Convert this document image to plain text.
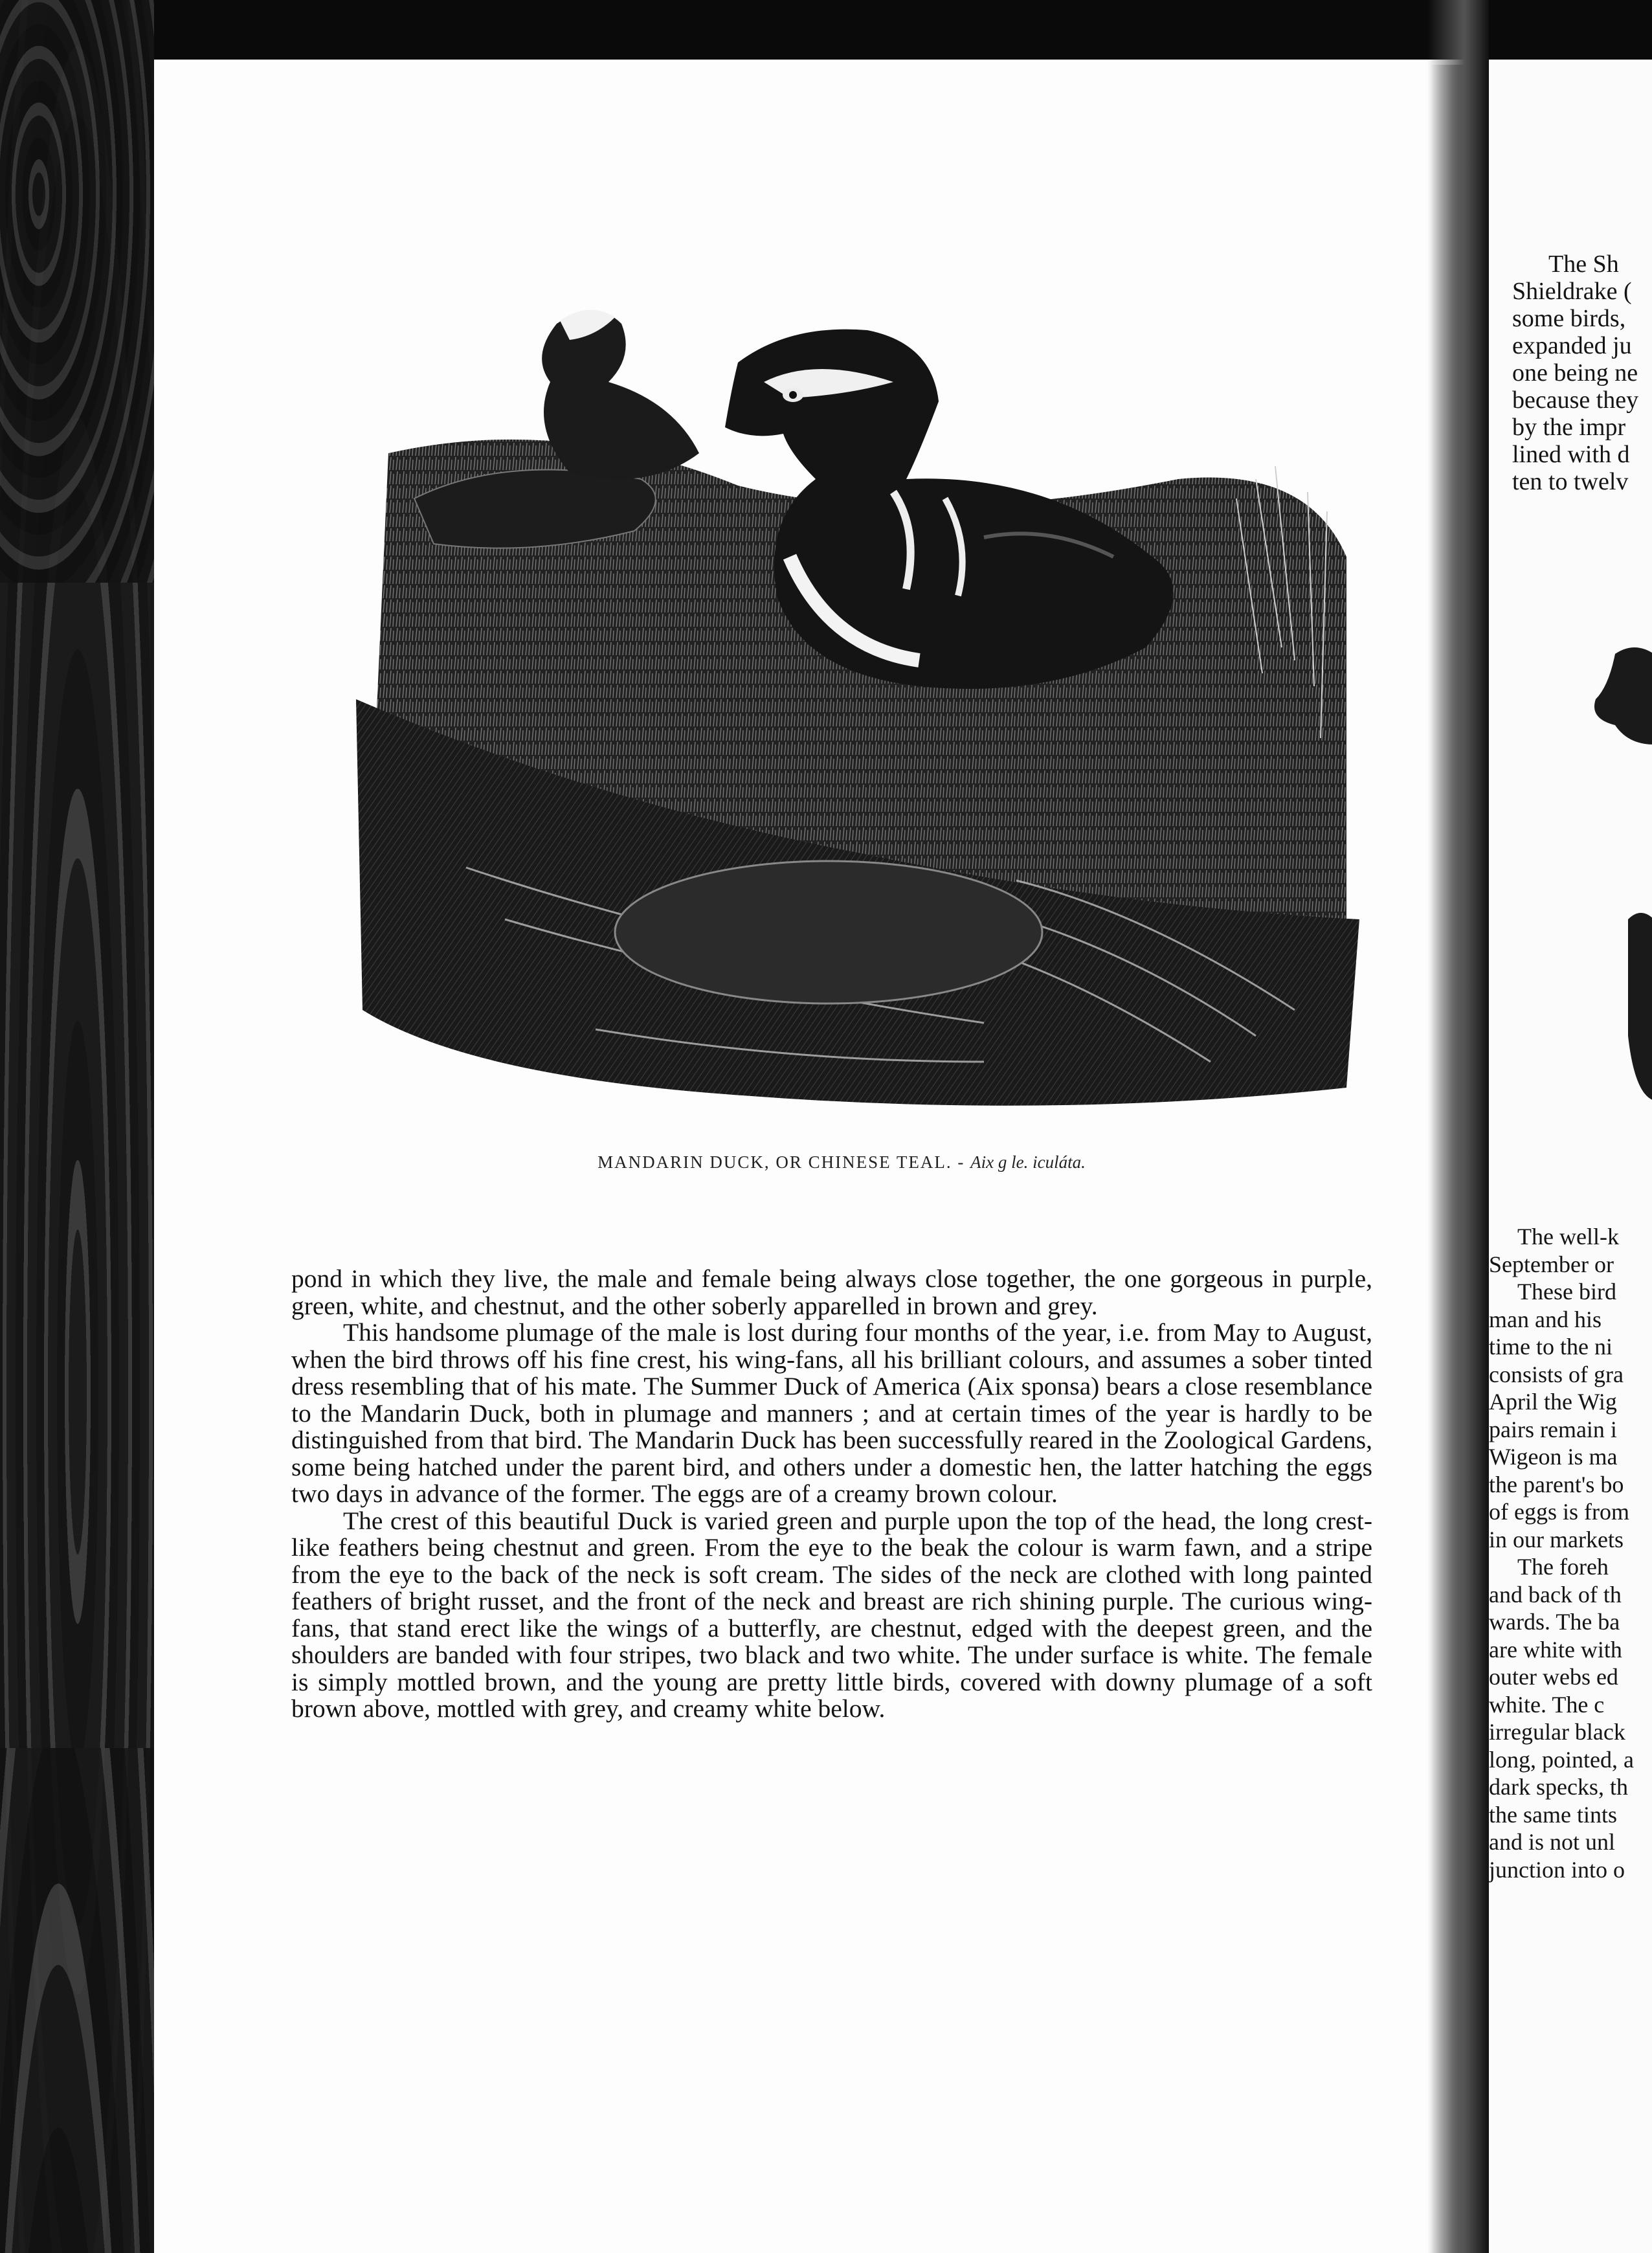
MANDARIN DUCK, OR CHINESE TEAL. - Aix g le. iculáta.

pond in which they live, the male and female being always close together, the one gorgeous in purple, green, white, and chestnut, and the other soberly apparelled in brown and grey.

This handsome plumage of the male is lost during four months of the year, i.e. from May to August, when the bird throws off his fine crest, his wing-fans, all his brilliant colours, and assumes a sober tinted dress resembling that of his mate. The Summer Duck of America (Aix sponsa) bears a close resemblance to the Mandarin Duck, both in plumage and manners ; and at certain times of the year is hardly to be distinguished from that bird. The Mandarin Duck has been successfully reared in the Zoological Gardens, some being hatched under the parent bird, and others under a domestic hen, the latter hatching the eggs two days in advance of the former. The eggs are of a creamy brown colour.

The crest of this beautiful Duck is varied green and purple upon the top of the head, the long crest-like feathers being chestnut and green. From the eye to the beak the colour is warm fawn, and a stripe from the eye to the back of the neck is soft cream. The sides of the neck are clothed with long painted feathers of bright russet, and the front of the neck and breast are rich shining purple. The curious wing-fans, that stand erect like the wings of a butterfly, are chestnut, edged with the deepest green, and the shoulders are banded with four stripes, two black and two white. The under surface is white. The female is simply mottled brown, and the young are pretty little birds, covered with downy plumage of a soft brown above, mottled with grey, and creamy white below.

The Sh
Shieldrake (
some birds,
expanded ju
one being ne
because they
by the impr
lined with d
ten to twelv
The well-k
September or
These bird
man and his
time to the ni
consists of gra
April the Wig
pairs remain i
Wigeon is ma
the parent's bo
of eggs is from
in our markets
The foreh
and back of th
wards. The ba
are white with
outer webs ed
white. The c
irregular black
long, pointed, a
dark specks, th
the same tints
and is not unl
junction into o
